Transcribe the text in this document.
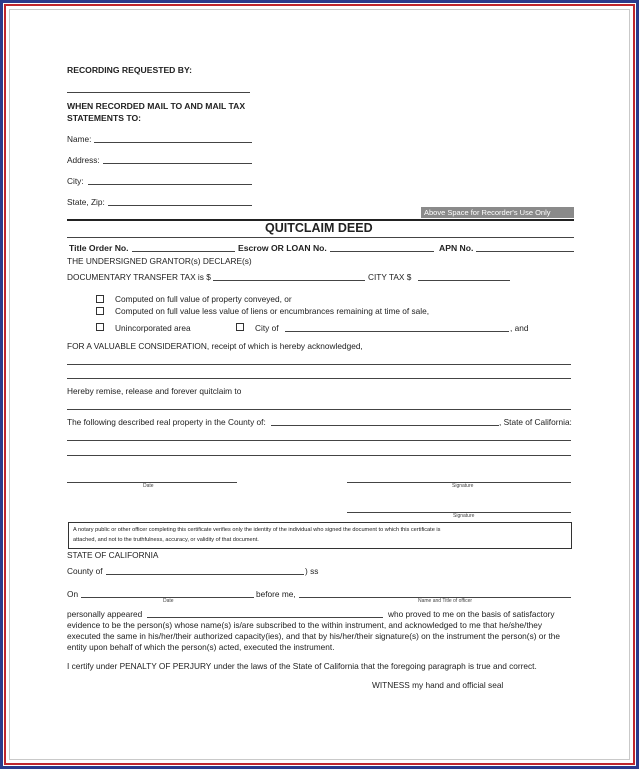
RECORDING REQUESTED BY:
WHEN RECORDED MAIL TO AND MAIL TAX
STATEMENTS TO:
Name:
Address:
City:
State, Zip:
Above Space for Recorder's Use Only
QUITCLAIM DEED
Title Order No.	Escrow OR LOAN No.	APN No.
THE UNDERSIGNED GRANTOR(s) DECLARE(s)
DOCUMENTARY TRANSFER TAX is $	CITY TAX $
Computed on full value of property conveyed, or
Computed on full value less value of liens or encumbrances remaining at time of sale,
Unincorporated area	City of	, and
FOR A VALUABLE CONSIDERATION, receipt of which is hereby acknowledged,
Hereby remise, release and forever quitclaim to
The following described real property in the County of:	, State of California:
Date	Signature
Signature
A notary public or other officer completing this certificate verifies only the identity of the individual who signed the document to which this certificate is
attached, and not to the truthfulness, accuracy, or validity of that document.
STATE OF CALIFORNIA
County of	) ss
On
Date
before me,
Name and Title of officer
personally appeared	who proved to me on the basis of satisfactory
evidence to be the person(s) whose name(s) is/are subscribed to the within instrument, and acknowledged to me that he/she/they
executed the same in his/her/their authorized capacity(ies), and that by his/her/their signature(s) on the instrument the person(s) or the
entity upon behalf of which the person(s) acted, executed the instrument.
I certify under PENALTY OF PERJURY under the laws of the State of California that the foregoing paragraph is true and correct.
WITNESS my hand and official seal
